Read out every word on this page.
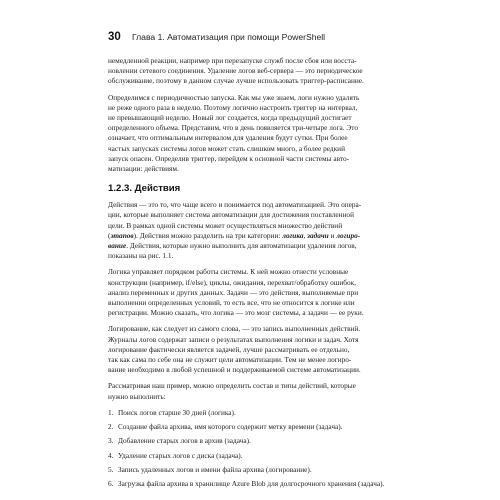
30 Глава 1. Автоматизация при помощи PowerShell

немедленной реакции, например при перезапуске служб после сбоя или восста-
новлении сетевого соединения. Удаление логов веб-сервера — это периодическое
обслуживание, поэтому в данном случае лучше использовать триггер-расписание.

Определимся с периодичностью запуска. Как мы уже знаем, логи нужно удалять
не реже одного раза в неделю. Поэтому логично настроить триггер на интервал,
не превышающий неделю. Новый лог создается, когда предыдущий достигает
определенного объема. Представим, что в день появляется три-четыре лога. Это
означает, что оптимальным интервалом для удаления будут сутки. При более
частых запусках системы логов может стать слишком много, а более редкий
запуск опасен. Определив триггер, перейдем к основной части системы авто-
матизации: действиям.

1.2.3. Действия

Действия — это то, что чаще всего и понимается под автоматизацией. Это опера-
ции, которые выполняет система автоматизации для достижения поставленной
цели. В рамках одной системы может осуществляться множество действий
(этапов). Действия можно разделить на три категории: логика, задачи и логиро-
вание. Действия, которые нужно выполнить для автоматизации удаления логов,
показаны на рис. 1.1.

Логика управляет порядком работы системы. К ней можно отнести условные
конструкции (например, if/else), циклы, ожидания, перехват/обработку ошибок,
анализ переменных и других данных. Задачи — это действия, выполняемые при
выполнении определенных условий, то есть все, что не относится к логике или
регистрации. Можно сказать, что логика — это мозг системы, а задачи — ее руки.

Логирование, как следует из самого слова, — это запись выполненных действий.
Журналы логов содержат записи о результатах выполнения логики и задач. Хотя
логирование фактически является задачей, лучше рассматривать ее отдельно,
так как сама по себе она не служит цели автоматизации. Тем не менее логиро-
вание необходимо в любой успешной и поддерживаемой системе автоматизации.

Рассматривая наш пример, можно определить состав и типы действий, которые
нужно выполнить:

1. Поиск логов старше 30 дней (логика).
2. Создание файла архива, имя которого содержит метку времени (задача).
3. Добавление старых логов в архив (задача).
4. Удаление старых логов с диска (задача).
5. Запись удаленных логов и имени файла архива (логирование).
6. Загрузка файла архива в хранилище Azure Blob для долгосрочного хранения (задача).
